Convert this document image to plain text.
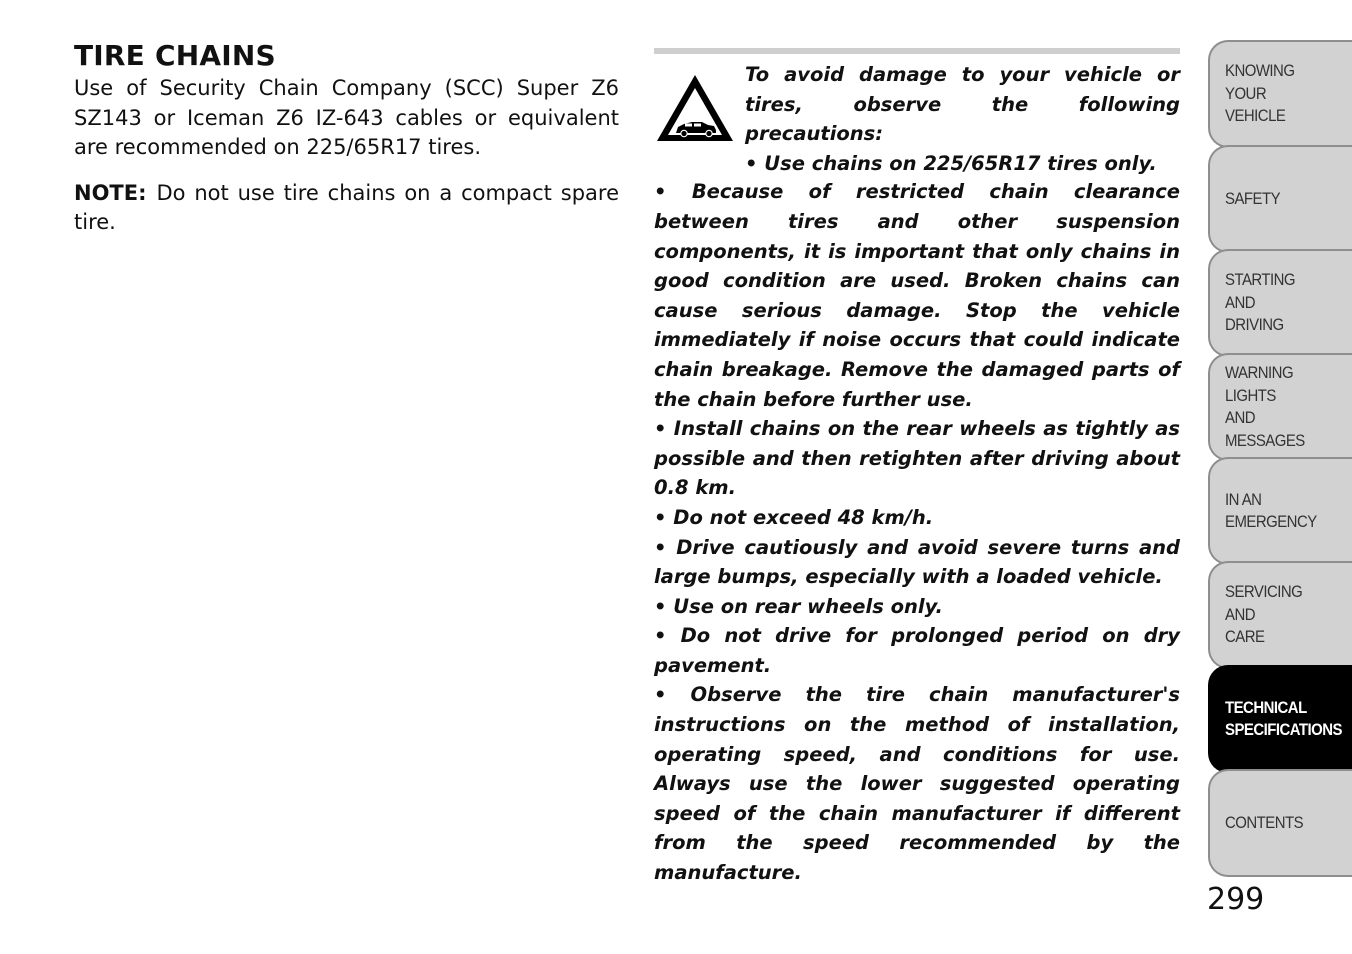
TIRE CHAINS

Use of Security Chain Company (SCC) Super Z6 SZ143 or Iceman Z6 IZ-643 cables or equivalent are recommended on 225/65R17 tires.

NOTE: Do not use tire chains on a compact spare tire.

To avoid damage to your vehicle or tires, observe the following precautions:

• Use chains on 225/65R17 tires only.

• Because of restricted chain clearance between tires and other suspension components, it is important that only chains in good condition are used. Broken chains can cause serious damage. Stop the vehicle immediately if noise occurs that could indicate chain breakage. Remove the damaged parts of the chain before further use.

• Install chains on the rear wheels as tightly as possible and then retighten after driving about 0.8 km.

• Do not exceed 48 km/h.

• Drive cautiously and avoid severe turns and large bumps, especially with a loaded vehicle.

• Use on rear wheels only.

• Do not drive for prolonged period on dry pavement.

• Observe the tire chain manufacturer's instructions on the method of installation, operating speed, and conditions for use. Always use the lower suggested operating speed of the chain manufacturer if different from the speed recommended by the manufacture.

KNOWING
YOUR
VEHICLE
SAFETY
STARTING
AND
DRIVING
WARNING
LIGHTS
AND
MESSAGES
IN AN
EMERGENCY
SERVICING
AND
CARE
TECHNICAL
SPECIFICATIONS
CONTENTS
299
